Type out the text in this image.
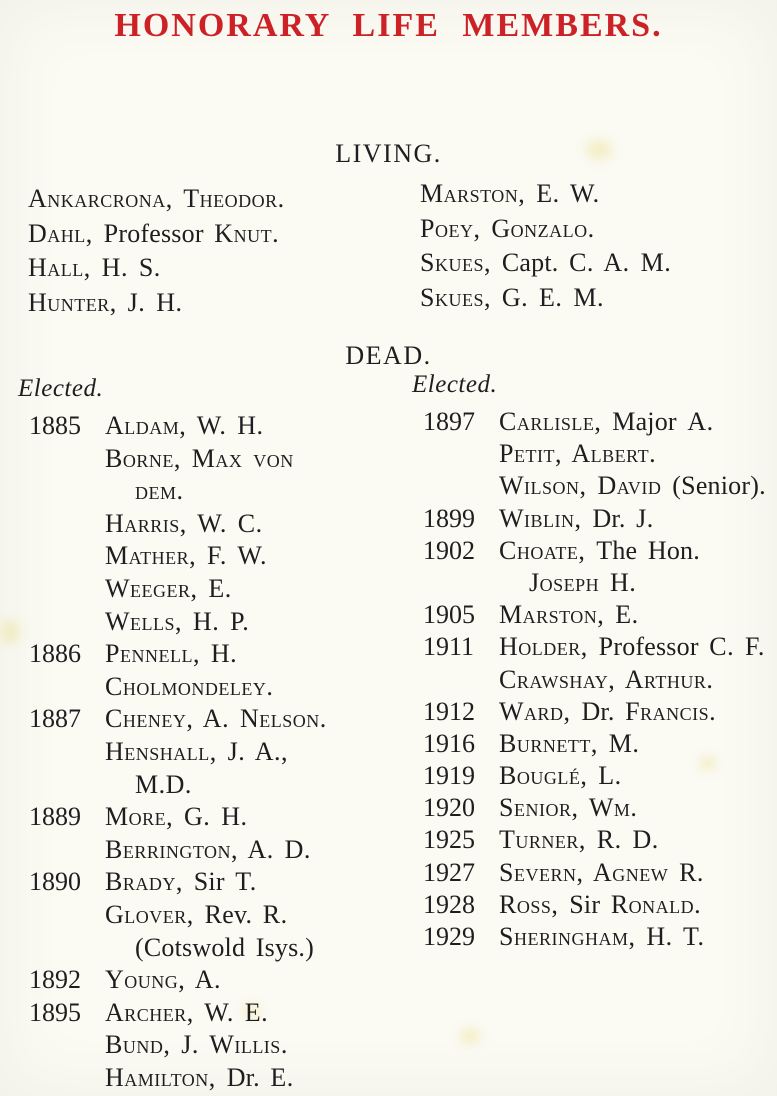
HONORARY LIFE MEMBERS.
LIVING.
Ankarcrona, Theodor.
Dahl, Professor Knut.
Hall, H. S.
Hunter, J. H.
Marston, E. W.
Poey, Gonzalo.
Skues, Capt. C. A. M.
Skues, G. E. M.
DEAD.
Elected.
1885 Aldam, W. H.
Borne, Max von
dem.
Harris, W. C.
Mather, F. W.
Weeger, E.
Wells, H. P.
1886 Pennell, H.
Cholmondeley.
1887 Cheney, A. Nelson.
Henshall, J. A.,
M.D.
1889 More, G. H.
Berrington, A. D.
1890 Brady, Sir T.
Glover, Rev. R.
(Cotswold Isys.)
1892 Young, A.
1895 Archer, W. E.
Bund, J. Willis.
Hamilton, Dr. E.
Elected.
1897 Carlisle, Major A.
Petit, Albert.
Wilson, David (Senior).
1899 Wiblin, Dr. J.
1902 Choate, The Hon.
Joseph H.
1905 Marston, E.
1911 Holder, Professor C. F.
Crawshay, Arthur.
1912 Ward, Dr. Francis.
1916 Burnett, M.
1919 Bouglé, L.
1920 Senior, Wm.
1925 Turner, R. D.
1927 Severn, Agnew R.
1928 Ross, Sir Ronald.
1929 Sheringham, H. T.
